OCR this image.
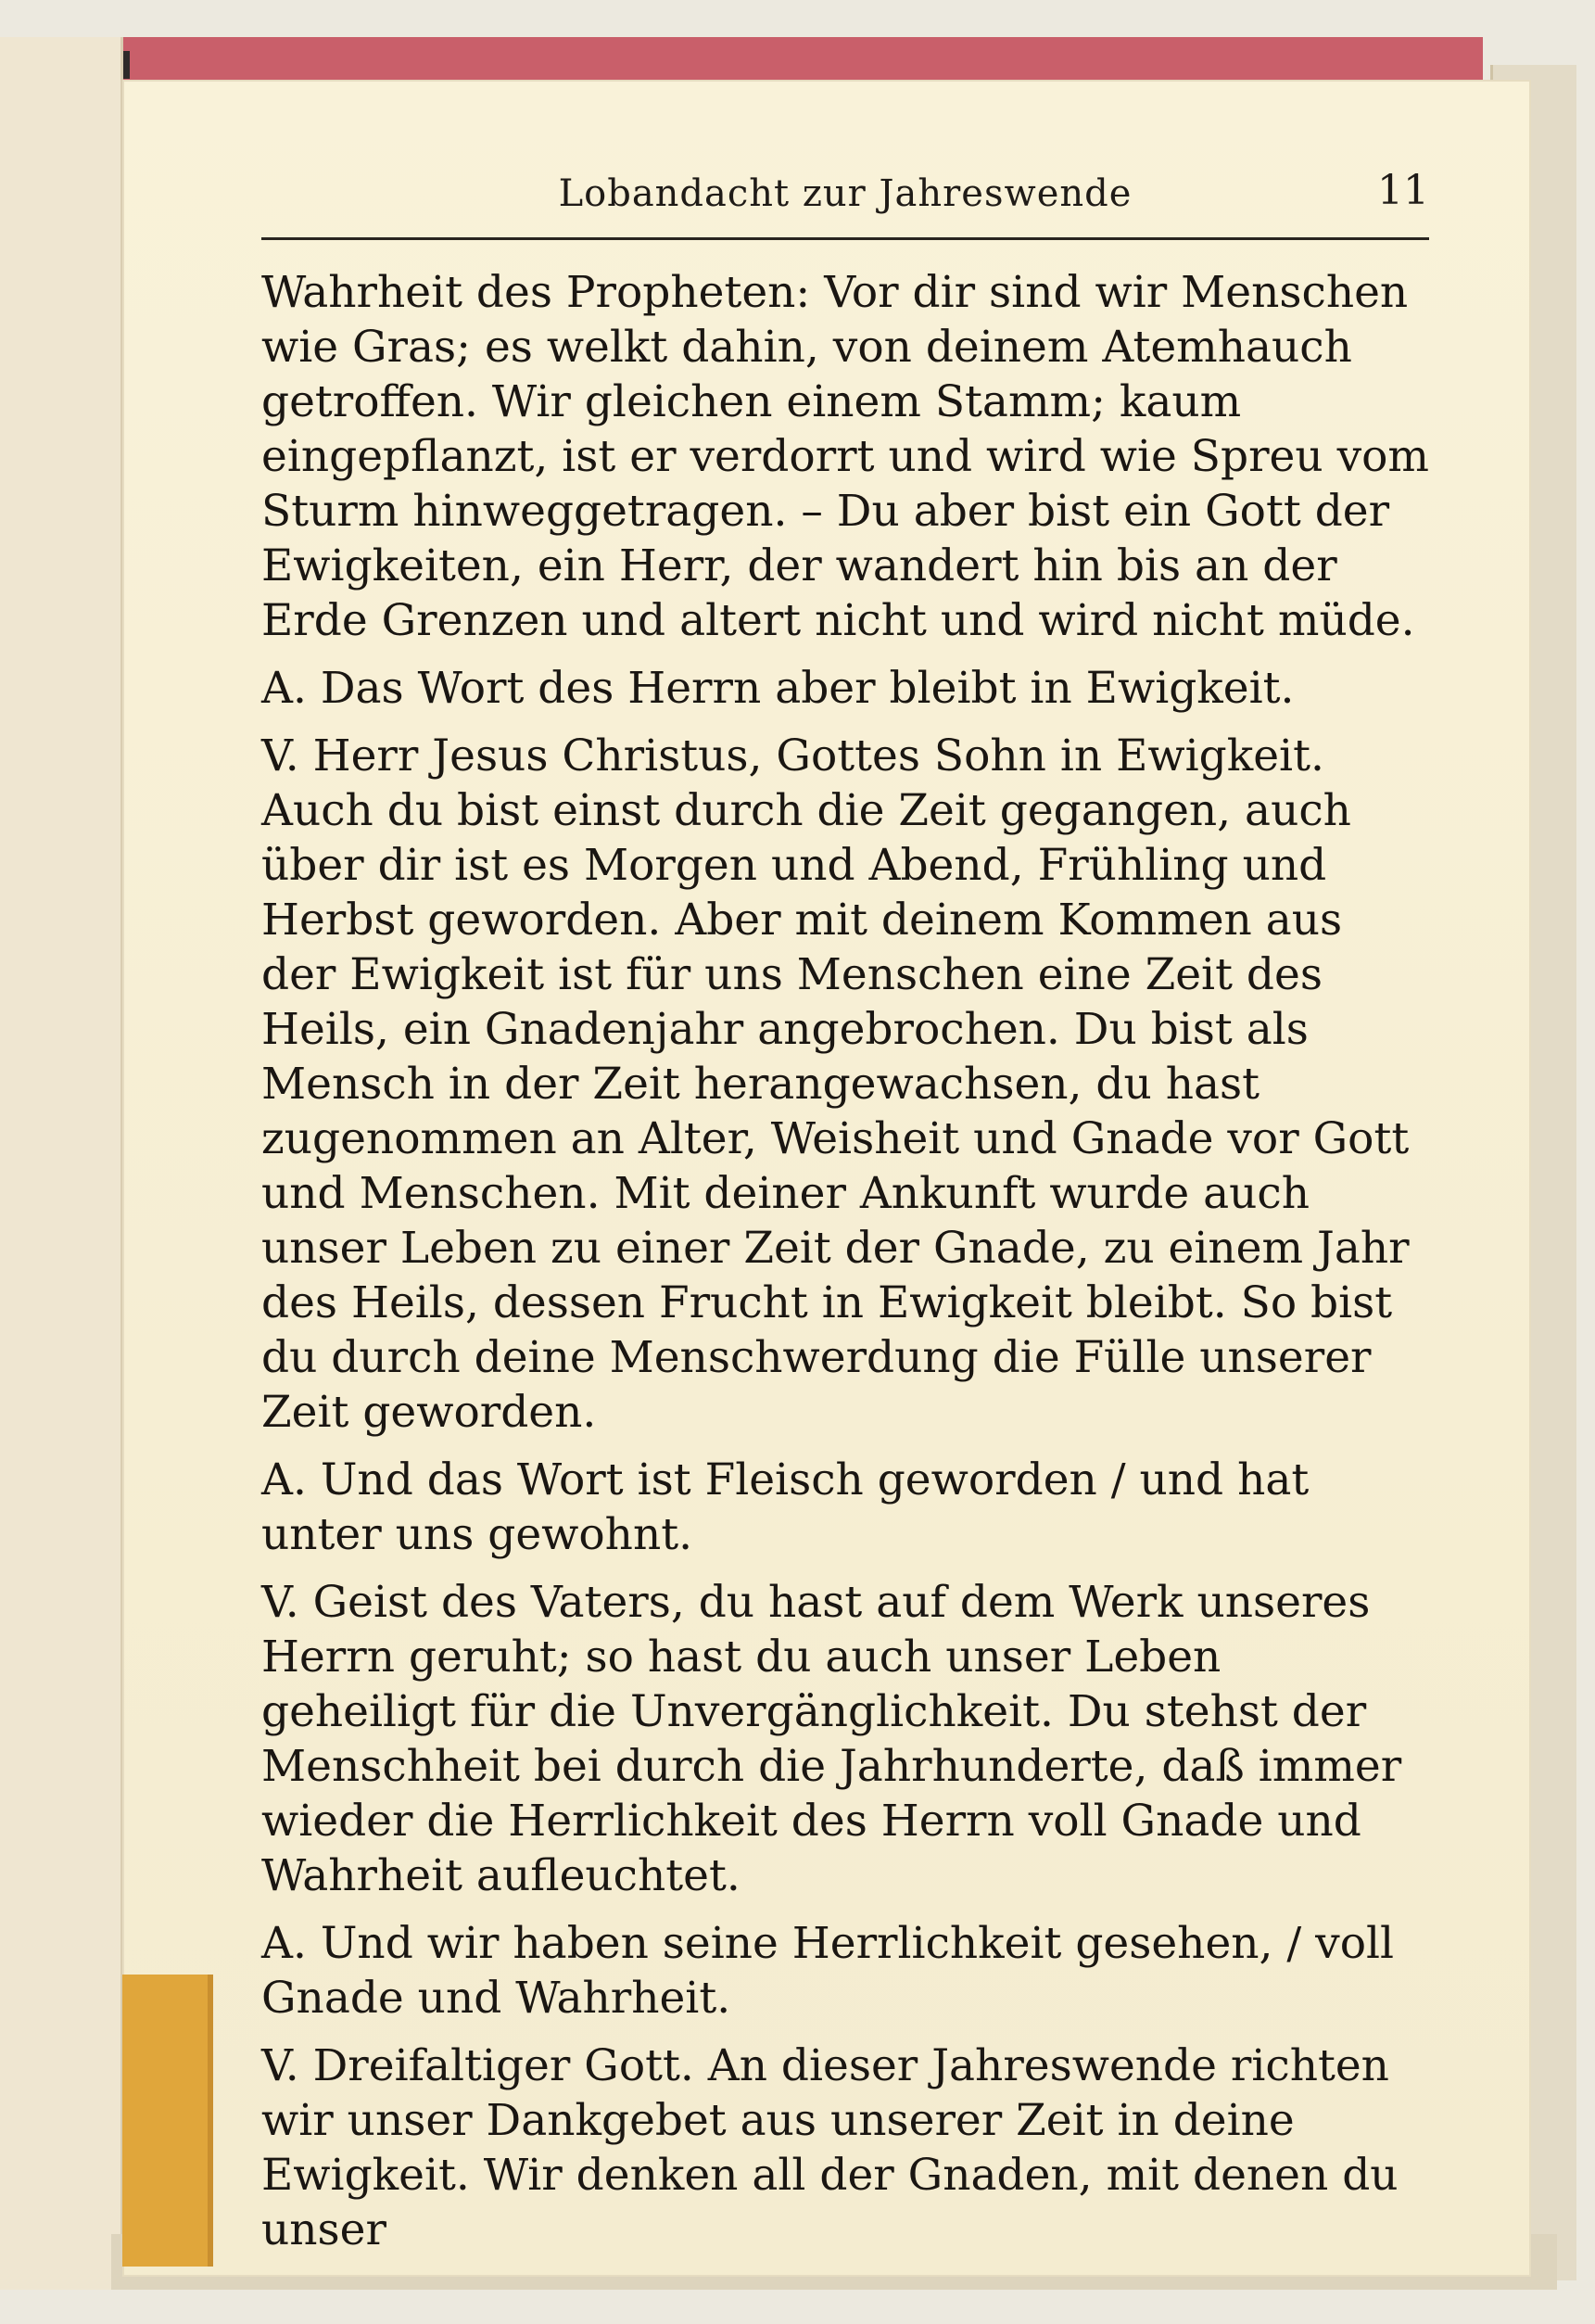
Lobandacht zur Jahreswende	11

Wahrheit des Propheten: Vor dir sind wir Menschen wie Gras; es welkt dahin, von deinem Atemhauch getroffen. Wir gleichen einem Stamm; kaum eingepflanzt, ist er verdorrt und wird wie Spreu vom Sturm hinweggetragen. – Du aber bist ein Gott der Ewigkeiten, ein Herr, der wandert hin bis an der Erde Grenzen und altert nicht und wird nicht müde.

A. Das Wort des Herrn aber bleibt in Ewigkeit.

V. Herr Jesus Christus, Gottes Sohn in Ewigkeit. Auch du bist einst durch die Zeit gegangen, auch über dir ist es Morgen und Abend, Frühling und Herbst geworden. Aber mit deinem Kommen aus der Ewigkeit ist für uns Menschen eine Zeit des Heils, ein Gnadenjahr angebrochen. Du bist als Mensch in der Zeit herangewachsen, du hast zugenommen an Alter, Weisheit und Gnade vor Gott und Menschen. Mit deiner Ankunft wurde auch unser Leben zu einer Zeit der Gnade, zu einem Jahr des Heils, dessen Frucht in Ewigkeit bleibt. So bist du durch deine Menschwerdung die Fülle unserer Zeit geworden.

A. Und das Wort ist Fleisch geworden / und hat unter uns gewohnt.

V. Geist des Vaters, du hast auf dem Werk unseres Herrn geruht; so hast du auch unser Leben geheiligt für die Unvergänglichkeit. Du stehst der Menschheit bei durch die Jahrhunderte, daß immer wieder die Herrlichkeit des Herrn voll Gnade und Wahrheit aufleuchtet.

A. Und wir haben seine Herrlichkeit gesehen, / voll Gnade und Wahrheit.

V. Dreifaltiger Gott. An dieser Jahreswende richten wir unser Dankgebet aus unserer Zeit in deine Ewigkeit. Wir denken all der Gnaden, mit denen du unser
